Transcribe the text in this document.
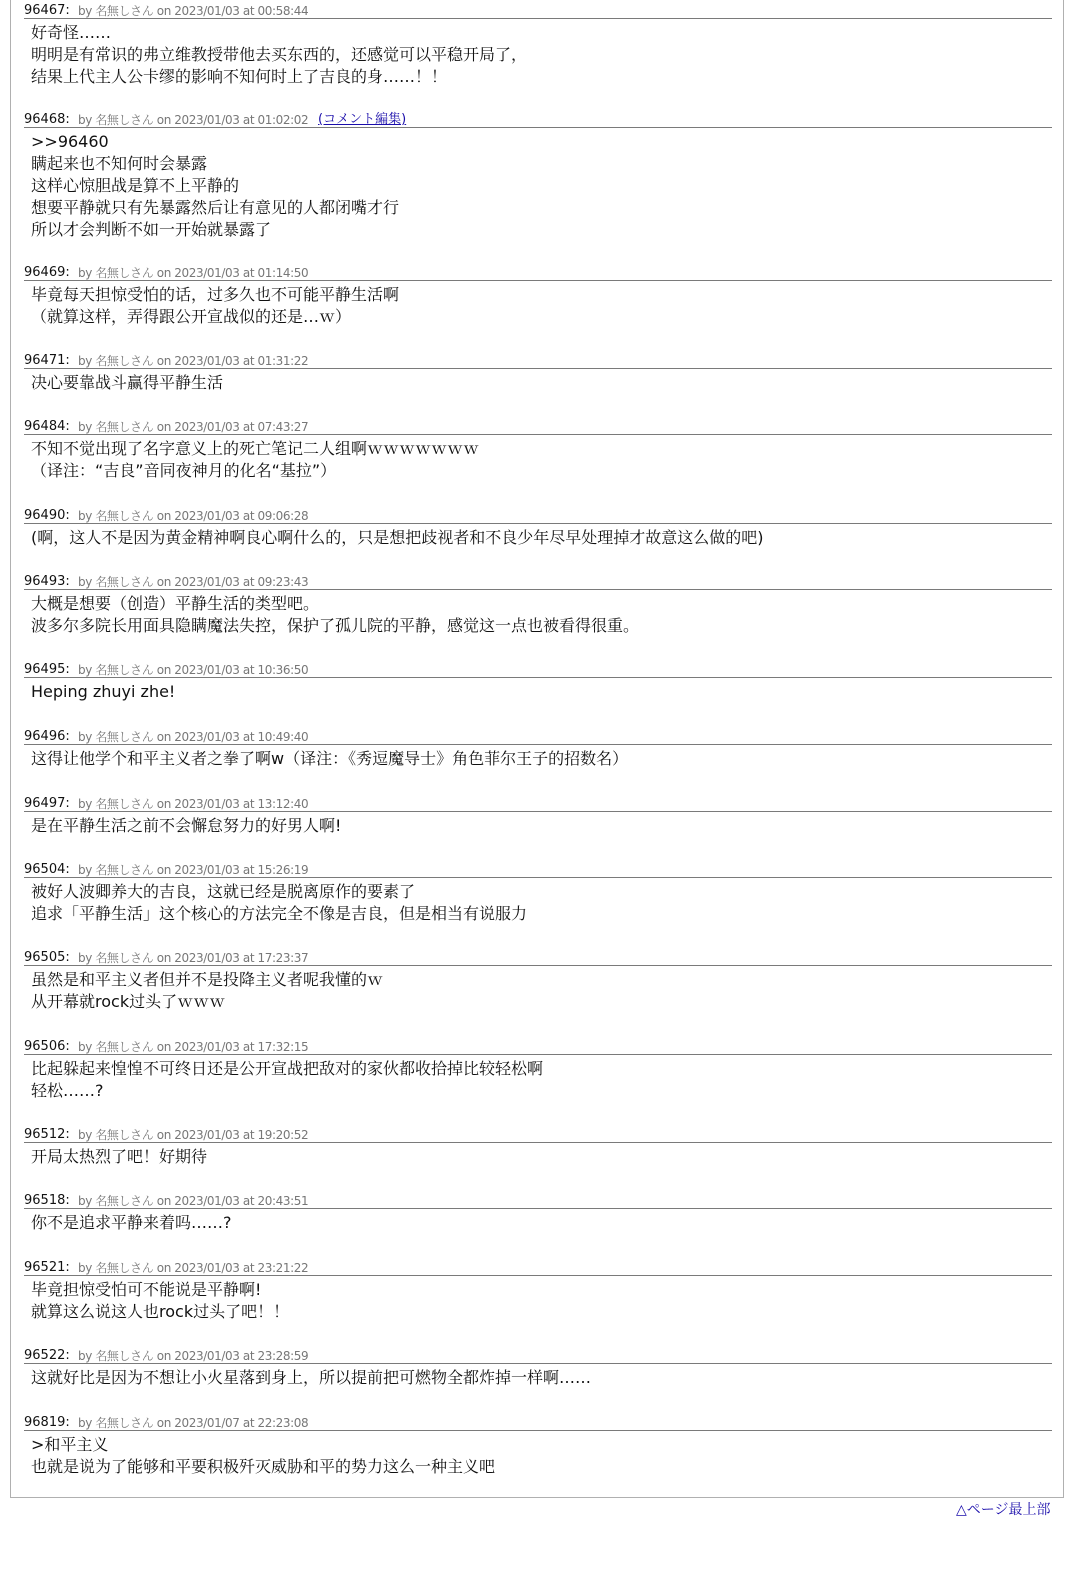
96467: by 名無しさん on 2023/01/03 at 00:58:44
好奇怪……
明明是有常识的弗立维教授带他去买东西的，还感觉可以平稳开局了，
结果上代主人公卡缪的影响不知何时上了吉良的身……！！
96468: by 名無しさん on 2023/01/03 at 01:02:02 (コメント編集)
>>96460
瞒起来也不知何时会暴露
这样心惊胆战是算不上平静的
想要平静就只有先暴露然后让有意见的人都闭嘴才行
所以才会判断不如一开始就暴露了
96469: by 名無しさん on 2023/01/03 at 01:14:50
毕竟每天担惊受怕的话，过多久也不可能平静生活啊
（就算这样，弄得跟公开宣战似的还是…ｗ）
96471: by 名無しさん on 2023/01/03 at 01:31:22
决心要靠战斗赢得平静生活
96484: by 名無しさん on 2023/01/03 at 07:43:27
不知不觉出现了名字意义上的死亡笔记二人组啊ｗｗｗｗｗｗｗ
（译注：“吉良”音同夜神月的化名“基拉”）
96490: by 名無しさん on 2023/01/03 at 09:06:28
(啊，这人不是因为黄金精神啊良心啊什么的，只是想把歧视者和不良少年尽早处理掉才故意这么做的吧)
96493: by 名無しさん on 2023/01/03 at 09:23:43
大概是想要（创造）平静生活的类型吧。
波多尔多院长用面具隐瞒魔法失控，保护了孤儿院的平静，感觉这一点也被看得很重。
96495: by 名無しさん on 2023/01/03 at 10:36:50
Heping zhuyi zhe!
96496: by 名無しさん on 2023/01/03 at 10:49:40
这得让他学个和平主义者之拳了啊w（译注：《秀逗魔导士》角色菲尔王子的招数名）
96497: by 名無しさん on 2023/01/03 at 13:12:40
是在平静生活之前不会懈怠努力的好男人啊!
96504: by 名無しさん on 2023/01/03 at 15:26:19
被好人波卿养大的吉良，这就已经是脱离原作的要素了
追求「平静生活」这个核心的方法完全不像是吉良，但是相当有说服力
96505: by 名無しさん on 2023/01/03 at 17:23:37
虽然是和平主义者但并不是投降主义者呢我懂的ｗ
从开幕就rock过头了ｗｗｗ
96506: by 名無しさん on 2023/01/03 at 17:32:15
比起躲起来惶惶不可终日还是公开宣战把敌对的家伙都收拾掉比较轻松啊
轻松……?
96512: by 名無しさん on 2023/01/03 at 19:20:52
开局太热烈了吧！好期待
96518: by 名無しさん on 2023/01/03 at 20:43:51
你不是追求平静来着吗……?
96521: by 名無しさん on 2023/01/03 at 23:21:22
毕竟担惊受怕可不能说是平静啊!
就算这么说这人也rock过头了吧！！
96522: by 名無しさん on 2023/01/03 at 23:28:59
这就好比是因为不想让小火星落到身上，所以提前把可燃物全都炸掉一样啊……
96819: by 名無しさん on 2023/01/07 at 22:23:08
>和平主义
也就是说为了能够和平要积极歼灭威胁和平的势力这么一种主义吧
△ページ最上部
